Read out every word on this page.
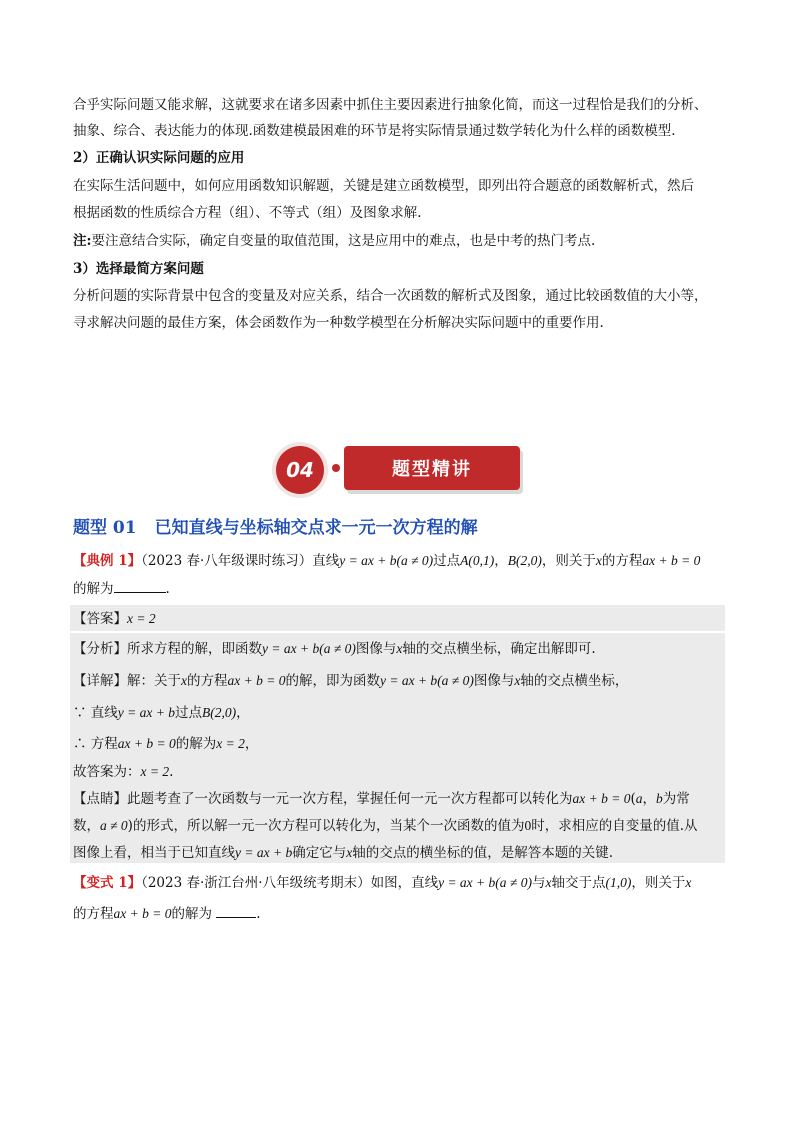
合乎实际问题又能求解，这就要求在诸多因素中抓住主要因素进行抽象化简，而这一过程恰是我们的分析、
抽象、综合、表达能力的体现.函数建模最困难的环节是将实际情景通过数学转化为什么样的函数模型.
2）正确认识实际问题的应用
在实际生活问题中，如何应用函数知识解题，关键是建立函数模型，即列出符合题意的函数解析式，然后
根据函数的性质综合方程（组）、不等式（组）及图象求解.
注:要注意结合实际，确定自变量的取值范围，这是应用中的难点，也是中考的热门考点.
3）选择最简方案问题
分析问题的实际背景中包含的变量及对应关系，结合一次函数的解析式及图象，通过比较函数值的大小等，
寻求解决问题的最佳方案，体会函数作为一种数学模型在分析解决实际问题中的重要作用.
04	题型精讲
题型 01 已知直线与坐标轴交点求一元一次方程的解
【典例 1】（2023 春·八年级课时练习）直线y = ax + b(a ≠ 0)过点A(0,1)，B(2,0)，则关于x的方程ax + b = 0
的解为	.
【答案】x = 2
【分析】所求方程的解，即函数y = ax + b(a ≠ 0)图像与x轴的交点横坐标，确定出解即可.
【详解】解：关于x的方程ax + b = 0的解，即为函数y = ax + b(a ≠ 0)图像与x轴的交点横坐标，
∵ 直线y = ax + b过点B(2,0)，
∴ 方程ax + b = 0的解为x = 2，
故答案为：x = 2.
【点睛】此题考查了一次函数与一元一次方程，掌握任何一元一次方程都可以转化为ax + b = 0(a，b为常
数，a ≠ 0)的形式，所以解一元一次方程可以转化为，当某个一次函数的值为0时，求相应的自变量的值.从
图像上看，相当于已知直线y = ax + b确定它与x轴的交点的横坐标的值，是解答本题的关键.
【变式 1】（2023 春·浙江台州·八年级统考期末）如图，直线y = ax + b(a ≠ 0)与x轴交于点(1,0)，则关于x
的方程ax + b = 0的解为	.
